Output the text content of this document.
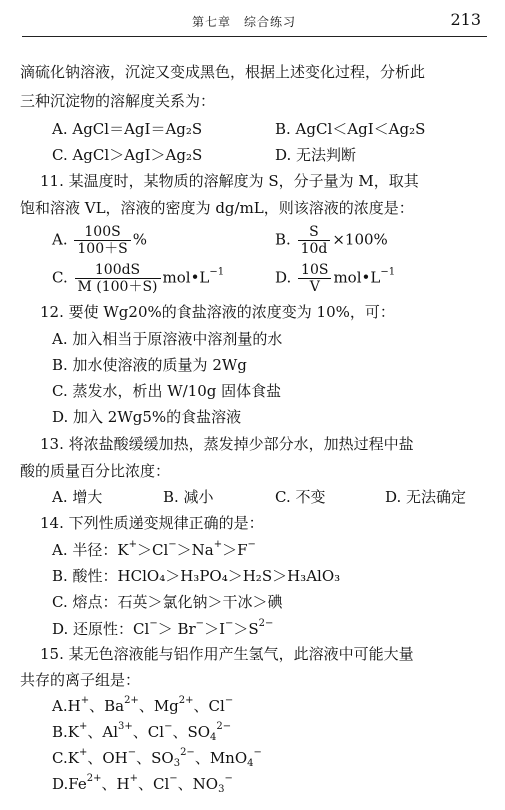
第七章　综合练习	213
滴硫化钠溶液，沉淀又变成黑色，根据上述变化过程，分析此
三种沉淀物的溶解度关系为：
A. AgCl＝AgI＝Ag₂S	B. AgCl＜AgI＜Ag₂S
C. AgCl＞AgI＞Ag₂S	D. 无法判断
11. 某温度时，某物质的溶解度为 S，分子量为 M，取其
饱和溶液 VL，溶液的密度为 dg/mL，则该溶液的浓度是：
A. $\frac{100S}{100+S}$ %	B. $\frac{S}{10d} \times 100\%$
C. $\frac{100dS}{M (100+S)}$ $mol•L^{-1}$	D. $\frac{10S}{V}$ $mol•L^{-1}$
12. 要使 Wg20%的食盐溶液的浓度变为 10%，可：
A. 加入相当于原溶液中溶剂量的水
B. 加水使溶液的质量为 2Wg
C. 蒸发水，析出 W/10g 固体食盐
D. 加入 2Wg5%的食盐溶液
13. 将浓盐酸缓缓加热，蒸发掉少部分水，加热过程中盐
酸的质量百分比浓度：
A. 增大	B. 减小	C. 不变	D. 无法确定
14. 下列性质递变规律正确的是：
A. 半径：K+＞Cl−＞Na+＞F−
B. 酸性：HClO₄＞H₃PO₄＞H₂S＞H₃AlO₃
C. 熔点：石英＞氯化钠＞干冰＞碘
D. 还原性：$Cl^-> Br^->I^->S^{2-}$
15. 某无色溶液能与铝作用产生氢气，此溶液中可能大量
共存的离子组是：
A.H+、$Ba^{2+}$、$Mg^{2+}$、Cl−
B.K+、$Al^{3+}$、Cl−、$SO_4^{2-}$
C.K+、OH−、$SO_3^{2-}$、MnO$_4$−
$D.Fe^{2+}$、H+、Cl−、$NO_3^-$
